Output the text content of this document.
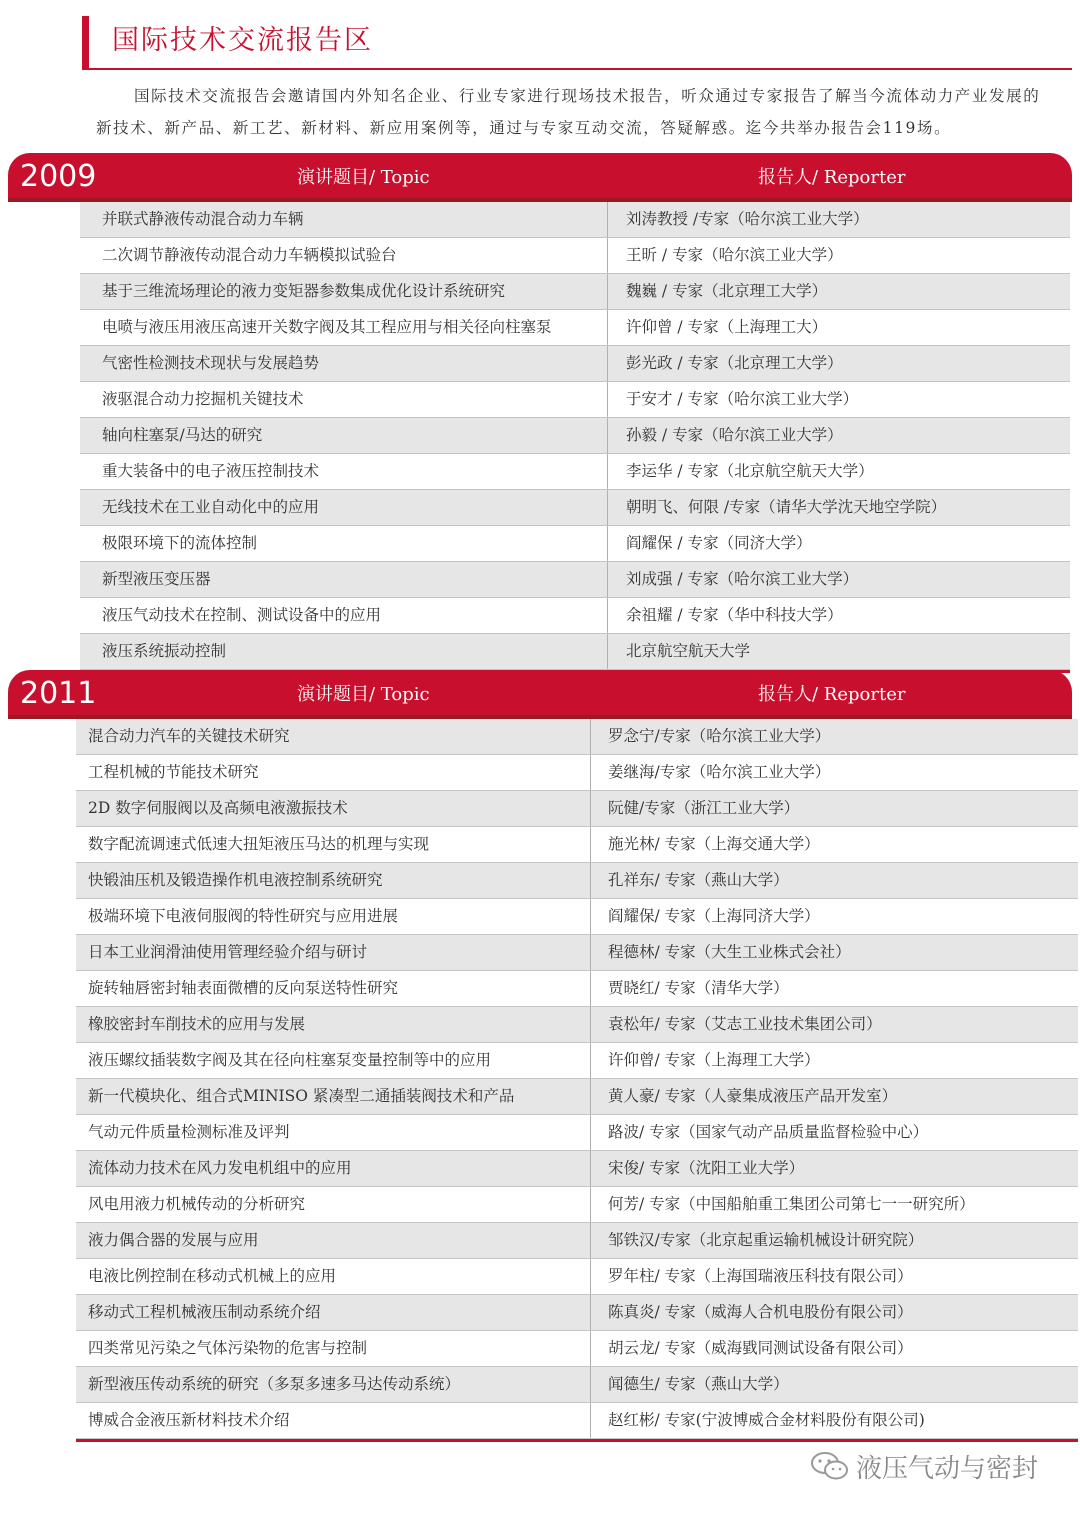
国际技术交流报告区
国际技术交流报告会邀请国内外知名企业、行业专家进行现场技术报告，听众通过专家报告了解当今流体动力产业发展的新技术、新产品、新工艺、新材料、新应用案例等，通过与专家互动交流，答疑解惑。迄今共举办报告会119场。
2009	演讲题目/ Topic	报告人/ Reporter
并联式静液传动混合动力车辆	刘涛教授 /专家（哈尔滨工业大学）
二次调节静液传动混合动力车辆模拟试验台	王昕 / 专家（哈尔滨工业大学）
基于三维流场理论的液力变矩器参数集成优化设计系统研究	魏巍 / 专家（北京理工大学）
电喷与液压用液压高速开关数字阀及其工程应用与相关径向柱塞泵	许仰曾 / 专家（上海理工大）
气密性检测技术现状与发展趋势	彭光政 / 专家（北京理工大学）
液驱混合动力挖掘机关键技术	于安才 / 专家（哈尔滨工业大学）
轴向柱塞泵/马达的研究	孙毅 / 专家（哈尔滨工业大学）
重大装备中的电子液压控制技术	李运华 / 专家（北京航空航天大学）
无线技术在工业自动化中的应用	朝明飞、何限 /专家（请华大学沈天地空学院）
极限环境下的流体控制	阎耀保 / 专家（同济大学）
新型液压变压器	刘成强 / 专家（哈尔滨工业大学）
液压气动技术在控制、测试设备中的应用	余祖耀 / 专家（华中科技大学）
液压系统振动控制	北京航空航天大学
2011	演讲题目/ Topic	报告人/ Reporter
混合动力汽车的关键技术研究	罗念宁/专家（哈尔滨工业大学）
工程机械的节能技术研究	姜继海/专家（哈尔滨工业大学）
2D 数字伺服阀以及高频电液激振技术	阮健/专家（浙江工业大学）
数字配流调速式低速大扭矩液压马达的机理与实现	施光林/ 专家（上海交通大学）
快锻油压机及锻造操作机电液控制系统研究	孔祥东/ 专家（燕山大学）
极端环境下电液伺服阀的特性研究与应用进展	阎耀保/ 专家（上海同济大学）
日本工业润滑油使用管理经验介绍与研讨	程德林/ 专家（大生工业株式会社）
旋转轴唇密封轴表面微槽的反向泵送特性研究	贾晓红/ 专家（清华大学）
橡胶密封车削技术的应用与发展	袁松年/ 专家（艾志工业技术集团公司）
液压螺纹插装数字阀及其在径向柱塞泵变量控制等中的应用	许仰曾/ 专家（上海理工大学）
新一代模块化、组合式MINISO 紧凑型二通插装阀技术和产品	黄人豪/ 专家（人豪集成液压产品开发室）
气动元件质量检测标准及评判	路波/ 专家（国家气动产品质量监督检验中心）
流体动力技术在风力发电机组中的应用	宋俊/ 专家（沈阳工业大学）
风电用液力机械传动的分析研究	何芳/ 专家（中国船舶重工集团公司第七一一研究所）
液力偶合器的发展与应用	邹铁汉/专家（北京起重运输机械设计研究院）
电液比例控制在移动式机械上的应用	罗年柱/ 专家（上海国瑞液压科技有限公司）
移动式工程机械液压制动系统介绍	陈真炎/ 专家（威海人合机电股份有限公司）
四类常见污染之气体污染物的危害与控制	胡云龙/ 专家（威海戥同测试设备有限公司）
新型液压传动系统的研究（多泵多速多马达传动系统）	闻德生/ 专家（燕山大学）
博威合金液压新材料技术介绍	赵红彬/ 专家(宁波博威合金材料股份有限公司)
液压气动与密封
